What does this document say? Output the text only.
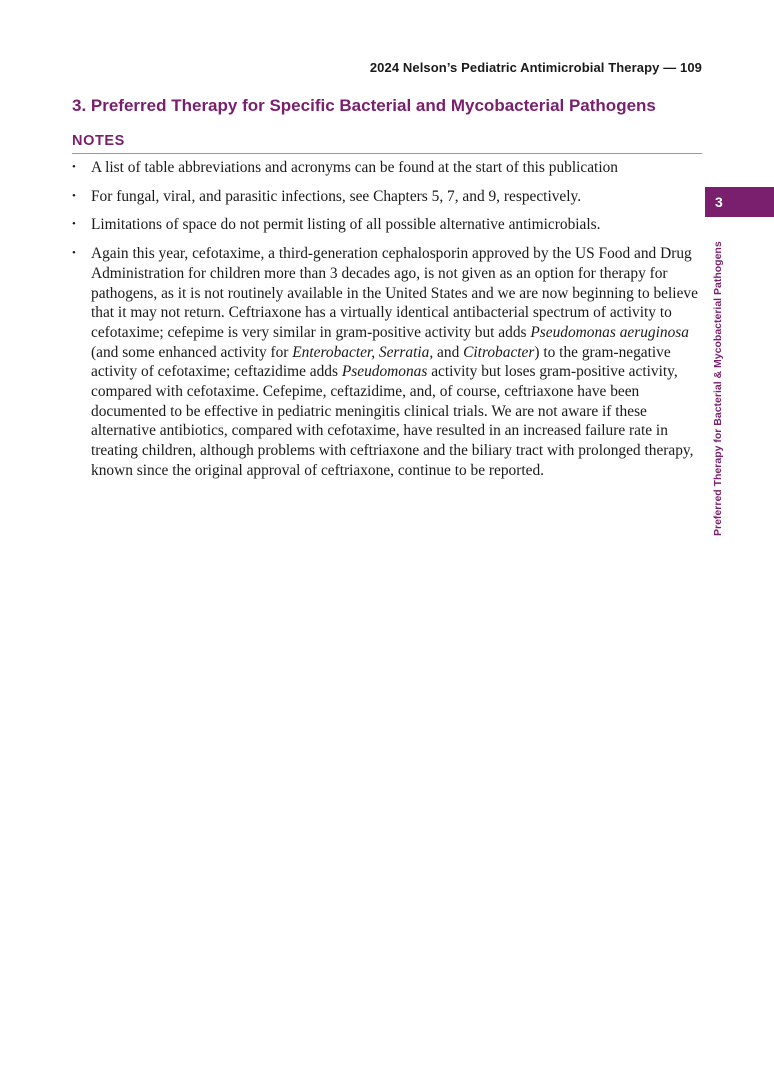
2024 Nelson’s Pediatric Antimicrobial Therapy — 109
3. Preferred Therapy for Specific Bacterial and Mycobacterial Pathogens
NOTES
• A list of table abbreviations and acronyms can be found at the start of this publication
• For fungal, viral, and parasitic infections, see Chapters 5, 7, and 9, respectively.
• Limitations of space do not permit listing of all possible alternative antimicrobials.
• Again this year, cefotaxime, a third-generation cephalosporin approved by the US Food and Drug Administration for children more than 3 decades ago, is not given as an option for therapy for pathogens, as it is not routinely available in the United States and we are now beginning to believe that it may not return. Ceftriaxone has a virtually identical antibacterial spectrum of activity to cefotaxime; cefepime is very similar in gram-positive activity but adds Pseudomonas aeruginosa (and some enhanced activity for Enterobacter, Serratia, and Citrobacter) to the gram-negative activity of cefotaxime; ceftazidime adds Pseudomonas activity but loses gram-positive activity, compared with cefotaxime. Cefepime, ceftazidime, and, of course, ceftriaxone have been documented to be effective in pediatric meningitis clinical trials. We are not aware if these alternative antibiotics, compared with cefotaxime, have resulted in an increased failure rate in treating children, although problems with ceftriaxone and the biliary tract with prolonged therapy, known since the original approval of ceftriaxone, continue to be reported.
3
Preferred Therapy for Bacterial & Mycobacterial Pathogens
